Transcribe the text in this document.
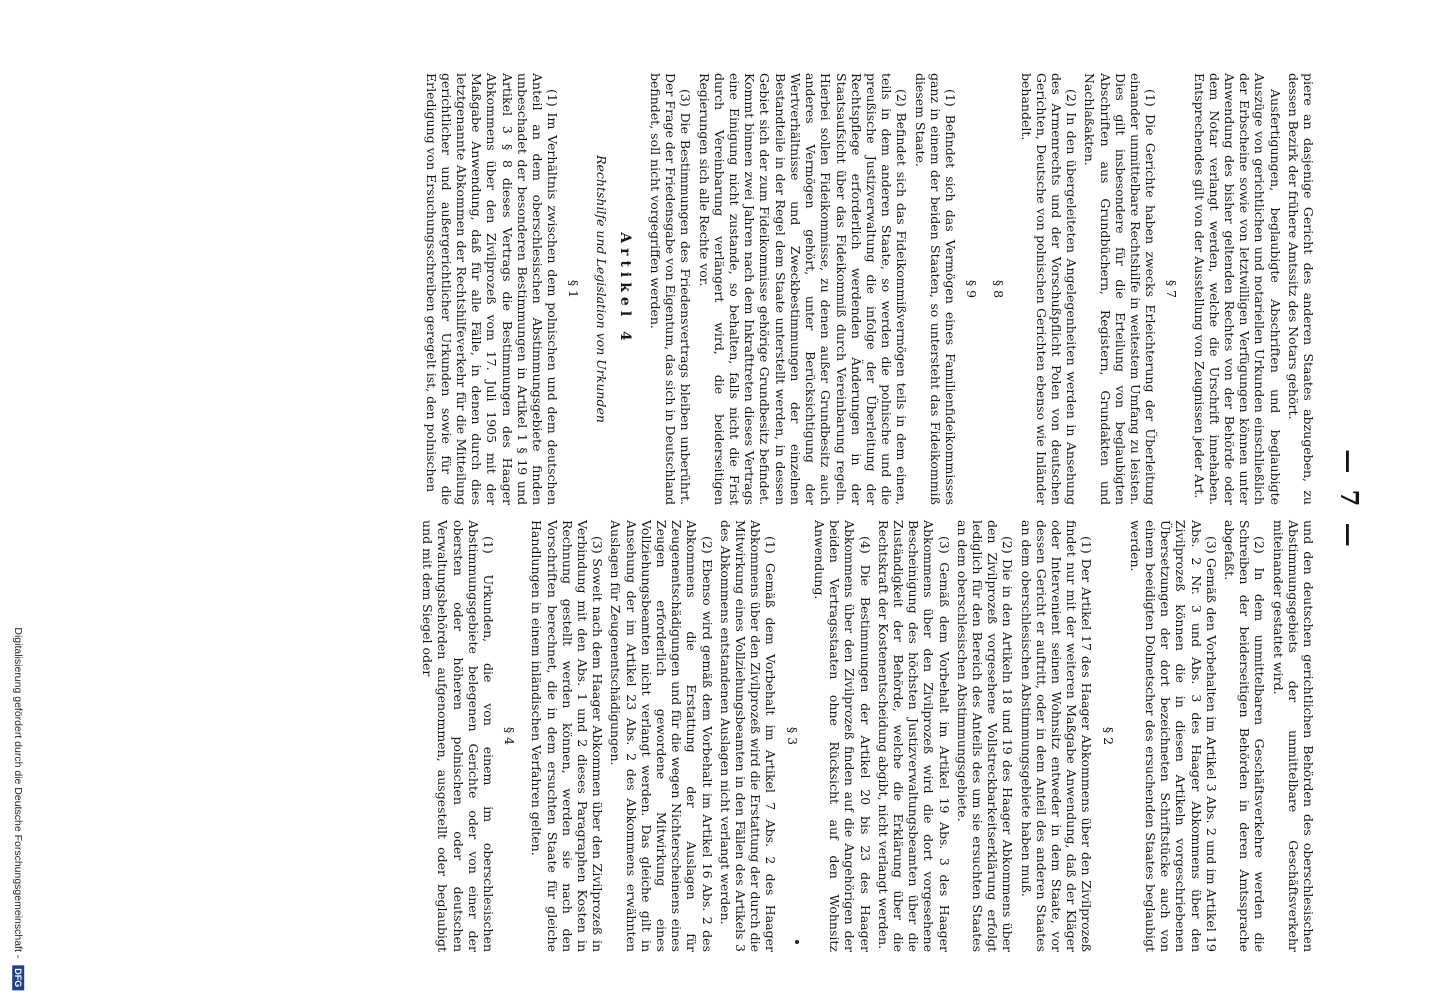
— 7 —

piere an dasjenige Gericht des anderen Staates abzugeben, zu dessen Bezirk der frühere Amtssitz des Notars gehört.

Ausfertigungen, beglaubigte Abschriften und beglaubigte Auszüge von gerichtlichen und notariellen Urkunden einschließlich der Erbscheine sowie von letztwilligen Verfügungen können unter Anwendung des bisher geltenden Rechtes von der Behörde oder dem Notar verlangt werden, welche die Urschrift innehaben. Entsprechendes gilt von der Ausstellung von Zeugnissen jeder Art.

§ 7

(1) Die Gerichte haben zwecks Erleichterung der Überleitung einander unmittelbare Rechtshilfe in weitestem Umfang zu leisten. Dies gilt insbesondere für die Erteilung von beglaubigten Abschriften aus Grundbüchern, Registern, Grundakten und Nachlaßakten.

(2) In den übergeleiteten Angelegenheiten werden in Ansehung des Armenrechts und der Vorschußpflicht Polen von deutschen Gerichten, Deutsche von polnischen Gerichten ebenso wie Inländer behandelt.

§ 8
§ 9

(1) Befindet sich das Vermögen eines Familienfideikommisses ganz in einem der beiden Staaten, so untersteht das Fideikommiß diesem Staate.

(2) Befindet sich das Fideikommißvermögen teils in dem einen, teils in dem anderen Staate, so werden die polnische und die preußische Justizverwaltung die infolge der Überleitung der Rechtspflege erforderlich werdenden Änderungen in der Staatsaufsicht über das Fideikommiß durch Vereinbarung regeln. Hierbei sollen Fideikommisse, zu denen außer Grundbesitz auch anderes Vermögen gehört, unter Berücksichtigung der Wertverhältnisse und Zweckbestimmungen der einzelnen Bestandteile in der Regel dem Staate unterstellt werden, in dessen Gebiet sich der zum Fideikommisse gehörige Grundbesitz befindet. Kommt binnen zwei Jahren nach dem Inkrafttreten dieses Vertrags eine Einigung nicht zustande, so behalten, falls nicht die Frist durch Vereinbarung verlängert wird, die beiderseitigen Regierungen sich alle Rechte vor.

(3) Die Bestimmungen des Friedensvertrags bleiben unberührt. Der Frage der Friedensgabe von Eigentum, das sich in Deutschland befindet, soll nicht vorgegriffen werden.

Artikel 4
Rechtshilfe und Legislation von Urkunden
§ 1

(1) Im Verhältnis zwischen dem polnischen und dem deutschen Anteil an dem oberschlesischen Abstimmungsgebiete finden unbeschadet der besonderen Bestimmungen in Artikel 1 § 19 und Artikel 3 § 8 dieses Vertrags die Bestimmungen des Haager Abkommens über den Zivilprozeß vom 17. Juli 1905 mit der Maßgabe Anwendung, daß für alle Fälle, in denen durch dies letztgenannte Abkommen der Rechtshilfeverkehr für die Mitteilung gerichtlicher und außergerichtlicher Urkunden sowie für die Erledigung von Ersuchungsschreiben geregelt ist, den polnischen

und den deutschen gerichtlichen Behörden des oberschlesischen Abstimmungsgebiets der unmittelbare Geschäftsverkehr miteinander gestattet wird.

(2) In dem unmittelbaren Geschäftsverkehre werden die Schreiben der beiderseitigen Behörden in deren Amtssprache abgefaßt.

(3) Gemäß den Vorbehalten im Artikel 3 Abs. 2 und im Artikel 19 Abs. 2 Nr. 3 und Abs. 3 des Haager Abkommens über den Zivilprozeß können die in diesen Artikeln vorgeschriebenen Übersetzungen der dort bezeichneten Schriftstücke auch von einem beeidigten Dolmetscher des ersuchenden Staates beglaubigt werden.

§ 2

(1) Der Artikel 17 des Haager Abkommens über den Zivilprozeß findet nur mit der weiteren Maßgabe Anwendung, daß der Kläger oder Intervenient seinen Wohnsitz entweder in dem Staate, vor dessen Gericht er auftritt, oder in dem Anteil des anderen Staates an dem oberschlesischen Abstimmungsgebiete haben muß.

(2) Die in den Artikeln 18 und 19 des Haager Abkommens über den Zivilprozeß vorgesehene Vollstreckbarkeitserklärung erfolgt lediglich für den Bereich des Anteils des um sie ersuchten Staates an dem oberschlesischen Abstimmungsgebiete.

(3) Gemäß dem Vorbehalt im Artikel 19 Abs. 3 des Haager Abkommens über den Zivilprozeß wird die dort vorgesehene Bescheinigung des höchsten Justizverwaltungsbeamten über die Zuständigkeit der Behörde, welche die Erklärung über die Rechtskraft der Kostenentscheidung abgibt, nicht verlangt werden.

(4) Die Bestimmungen der Artikel 20 bis 23 des Haager Abkommens über den Zivilprozeß finden auf die Angehörigen der beiden Vertragsstaaten ohne Rücksicht auf den Wohnsitz Anwendung.

§ 3

(1) Gemäß dem Vorbehalt im Artikel 7 Abs. 2 des Haager Abkommens über den Zivilprozeß wird die Erstattung der durch die Mitwirkung eines Vollziehungsbeamten in den Fällen des Artikels 3 des Abkommens entstandenen Auslagen nicht verlangt werden.

(2) Ebenso wird gemäß dem Vorbehalt im Artikel 16 Abs. 2 des Abkommens die Erstattung der Auslagen für Zeugenentschädigungen und für die wegen Nichterscheinens eines Zeugen erforderlich gewordene Mitwirkung eines Vollziehungsbeamten nicht verlangt werden. Das gleiche gilt in Ansehung der im Artikel 23 Abs. 2 des Abkommens erwähnten Auslagen für Zeugenentschädigungen.

(3) Soweit nach dem Haager Abkommen über den Zivilprozeß in Verbindung mit den Abs. 1 und 2 dieses Paragraphen Kosten in Rechnung gestellt werden können, werden sie nach den Vorschriften berechnet, die in dem ersuchten Staate für gleiche Handlungen in einem inländischen Verfahren gelten.

§ 4

(1) Urkunden, die von einem im oberschlesischen Abstimmungsgebiete belegenen Gerichte oder von einer der obersten oder höheren polnischen oder deutschen Verwaltungsbehörden aufgenommen, ausgestellt oder beglaubigt und mit dem Siegel oder

Digitalisierung gefördert durch die Deutsche Forschungsgemeinschaft - DFG
